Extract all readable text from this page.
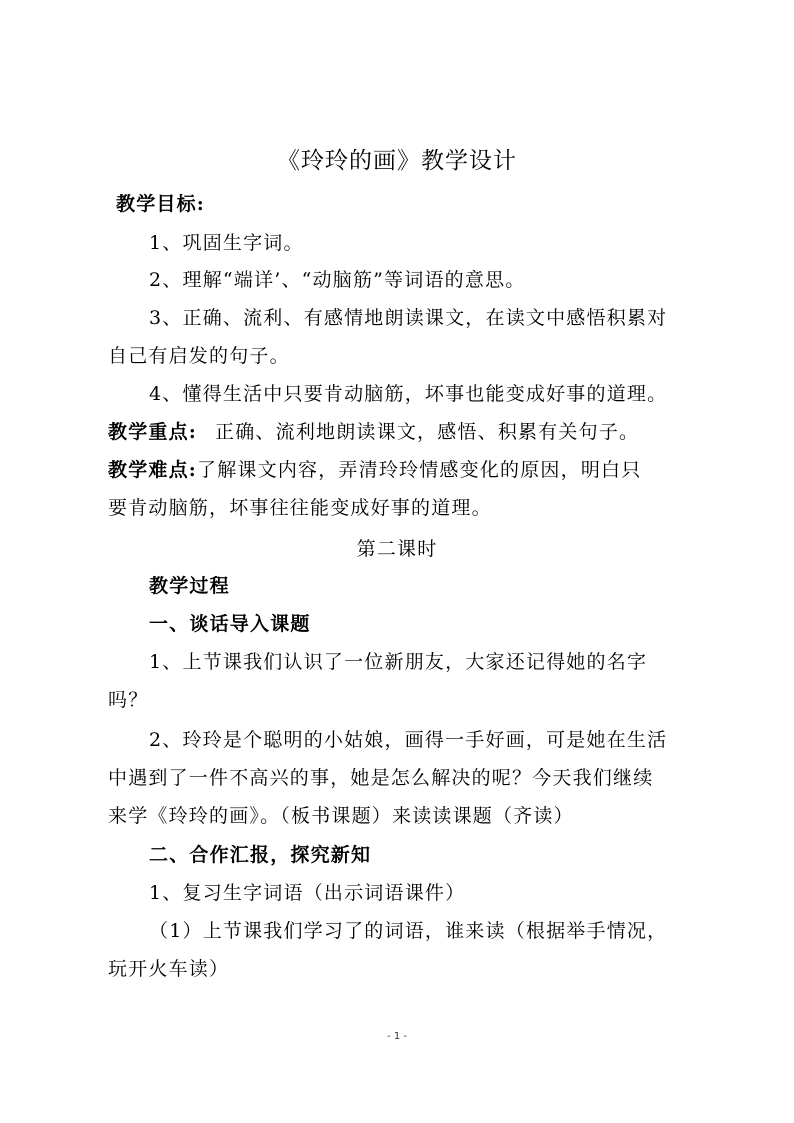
《玲玲的画》教学设计
教学目标:
1、巩固生字词。
2、理解“端详’、“动脑筋”等词语的意思。
3、正确、流利、有感情地朗读课文，在读文中感悟积累对
自己有启发的句子。
4、懂得生活中只要肯动脑筋，坏事也能变成好事的道理。
教学重点: 正确、流利地朗读课文，感悟、积累有关句子。
教学难点:了解课文内容，弄清玲玲情感变化的原因，明白只
要肯动脑筋，坏事往往能变成好事的道理。
第二课时
教学过程
一、谈话导入课题
1、上节课我们认识了一位新朋友，大家还记得她的名字
吗？
2、玲玲是个聪明的小姑娘，画得一手好画，可是她在生活
中遇到了一件不高兴的事，她是怎么解决的呢？今天我们继续
来学《玲玲的画》。（板书课题）来读读课题（齐读）
二、合作汇报，探究新知
1、复习生字词语（出示词语课件）
（1）上节课我们学习了的词语，谁来读（根据举手情况，
玩开火车读）
- 1 -
